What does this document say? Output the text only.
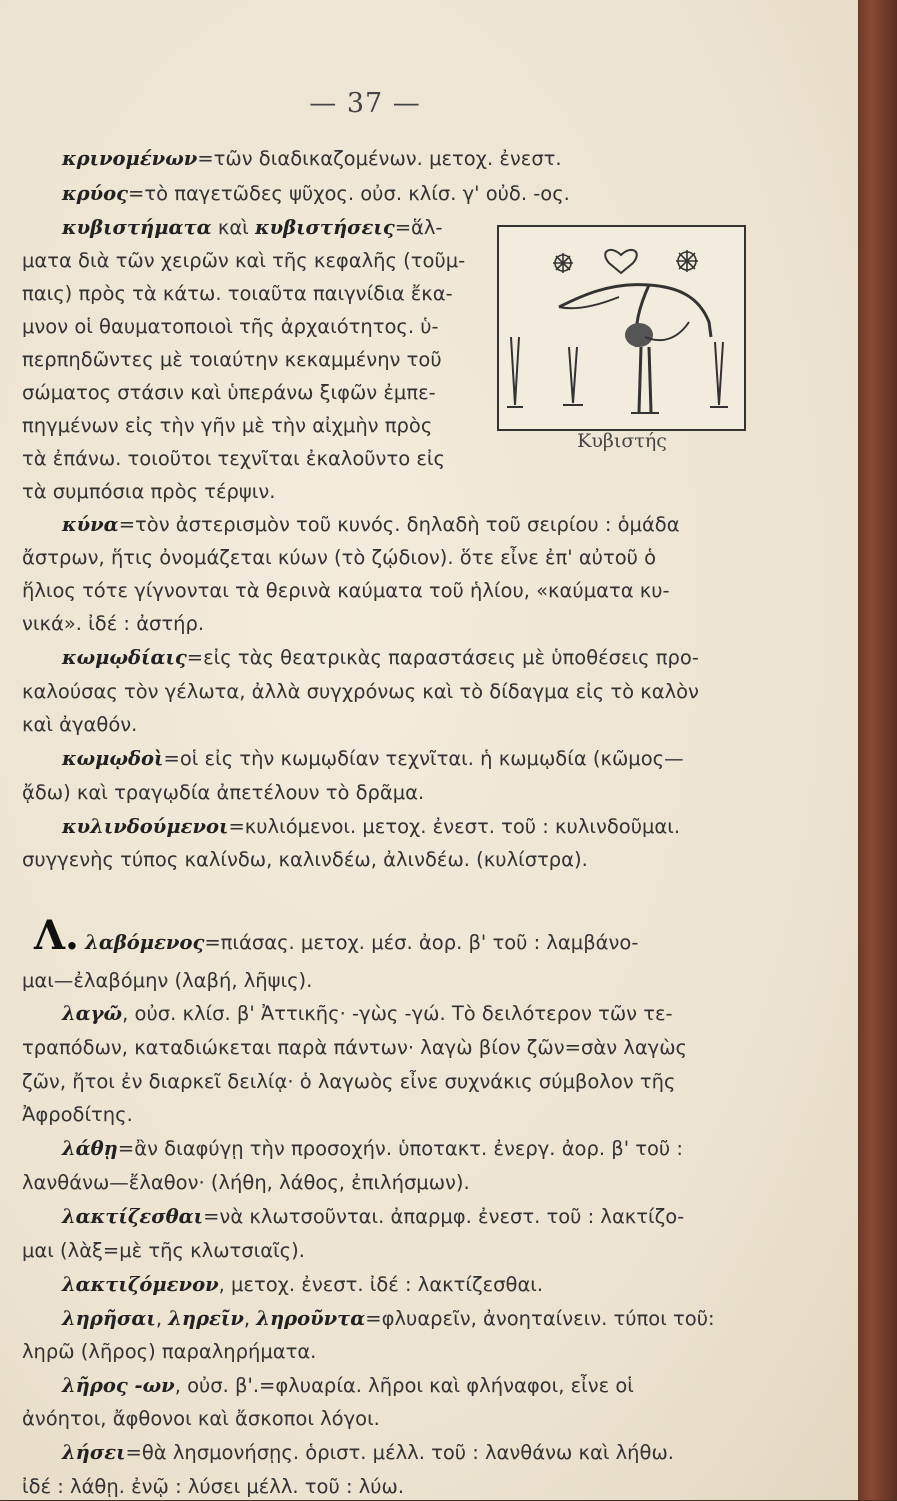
— 37 —
κρινομένων=τῶν διαδικαζομένων. μετοχ. ἐνεστ.
κρύος=τὸ παγετῶδες ψῦχος. οὐσ. κλίσ. γ' οὐδ. -ος.
κυβιστήματα καὶ κυβιστήσεις=ἅλ-
ματα διὰ τῶν χειρῶν καὶ τῆς κεφαλῆς (τοῦμ-
παις) πρὸς τὰ κάτω. τοιαῦτα παιγνίδια ἔκα-
μνον οἱ θαυματοποιοὶ τῆς ἀρχαιότητος. ὑ-
περπηδῶντες μὲ τοιαύτην κεκαμμένην τοῦ
σώματος στάσιν καὶ ὑπεράνω ξιφῶν ἐμπε-
πηγμένων εἰς τὴν γῆν μὲ τὴν αἰχμὴν πρὸς
τὰ ἐπάνω. τοιοῦτοι τεχνῖται ἐκαλοῦντο εἰς
τὰ συμπόσια πρὸς τέρψιν.
κύνα=τὸν ἀστερισμὸν τοῦ κυνός. δηλαδὴ τοῦ σειρίου : ὁμάδα
ἄστρων, ἥτις ὀνομάζεται κύων (τὸ ζῴδιον). ὅτε εἶνε ἐπ' αὐτοῦ ὁ
ἥλιος τότε γίγνονται τὰ θερινὰ καύματα τοῦ ἡλίου, «καύματα κυ-
νικά». ἰδέ : ἀστήρ.
κωμῳδίαις=εἰς τὰς θεατρικὰς παραστάσεις μὲ ὑποθέσεις προ-
καλούσας τὸν γέλωτα, ἀλλὰ συγχρόνως καὶ τὸ δίδαγμα εἰς τὸ καλὸν
καὶ ἀγαθόν.
κωμῳδοὶ=οἱ εἰς τὴν κωμῳδίαν τεχνῖται. ἡ κωμῳδία (κῶμος—
ᾄδω) καὶ τραγῳδία ἀπετέλουν τὸ δρᾶμα.
κυλινδούμενοι=κυλιόμενοι. μετοχ. ἐνεστ. τοῦ : κυλινδοῦμαι.
συγγενὴς τύπος καλίνδω, καλινδέω, ἀλινδέω. (κυλίστρα).
Λ. λαβόμενος=πιάσας. μετοχ. μέσ. ἀορ. β' τοῦ : λαμβάνο-
μαι—ἐλαβόμην (λαβή, λῆψις).
λαγῶ, οὐσ. κλίσ. β' Ἀττικῆς· -γὼς -γώ. Τὸ δειλότερον τῶν τε-
τραπόδων, καταδιώκεται παρὰ πάντων· λαγὼ βίον ζῶν=σὰν λαγὼς
ζῶν, ἤτοι ἐν διαρκεῖ δειλίᾳ· ὁ λαγωὸς εἶνε συχνάκις σύμβολον τῆς
Ἀφροδίτης.
λάθῃ=ἂν διαφύγῃ τὴν προσοχήν. ὑποτακτ. ἐνεργ. ἀορ. β' τοῦ :
λανθάνω—ἔλαθον· (λήθη, λάθος, ἐπιλήσμων).
λακτίζεσθαι=νὰ κλωτσοῦνται. ἀπαρμφ. ἐνεστ. τοῦ : λακτίζο-
μαι (λὰξ=μὲ τῆς κλωτσιαῖς).
λακτιζόμενον, μετοχ. ἐνεστ. ἰδέ : λακτίζεσθαι.
ληρῆσαι, ληρεῖν, ληροῦντα=φλυαρεῖν, ἀνοηταίνειν. τύποι τοῦ:
ληρῶ (λῆρος) παραληρήματα.
λῆρος -ων, οὐσ. β'.=φλυαρία. λῆροι καὶ φλήναφοι, εἶνε οἱ
ἀνόητοι, ἄφθονοι καὶ ἄσκοποι λόγοι.
λήσει=θὰ λησμονήσῃς. ὁριστ. μέλλ. τοῦ : λανθάνω καὶ λήθω.
ἰδέ : λάθῃ. ἐνῷ : λύσει μέλλ. τοῦ : λύω.
Κυβιστής
